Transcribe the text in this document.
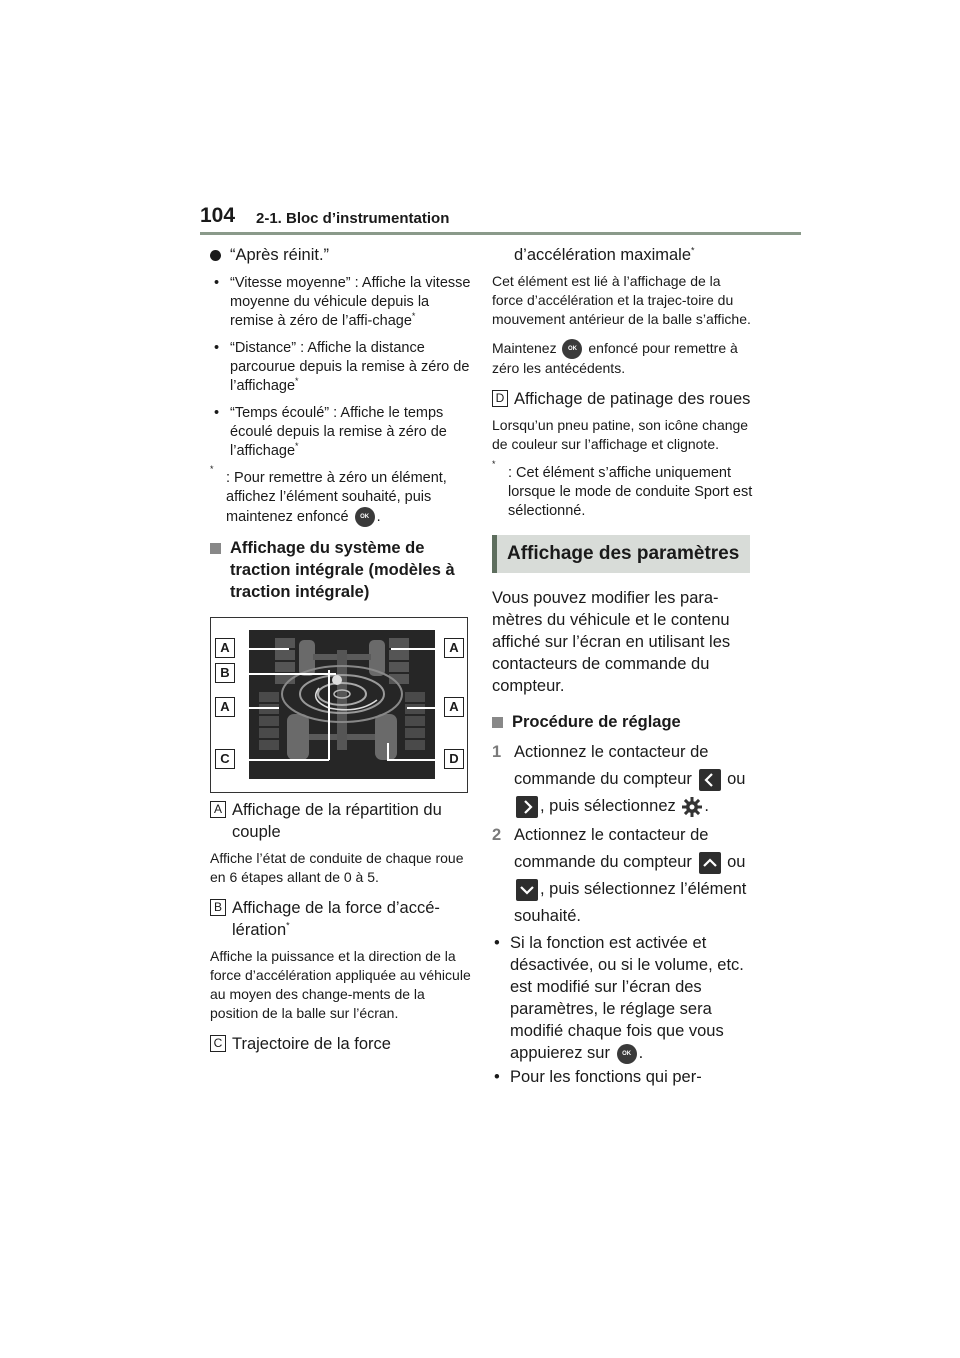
104 2-1. Bloc d’instrumentation
“Après réinit.”
• “Vitesse moyenne” : Affiche la vitesse moyenne du véhicule depuis la remise à zéro de l’affi-chage*
• “Distance” : Affiche la distance parcourue depuis la remise à zéro de l’affichage*
• “Temps écoulé” : Affiche le temps écoulé depuis la remise à zéro de l’affichage*
*
: Pour remettre à zéro un élément, affichez l’élément souhaité, puis maintenez enfoncé OK .
Affichage du système de traction intégrale (modèles à traction intégrale)
A	A
B
A	A
C	D
A Affichage de la répartition du couple
Affiche l’état de conduite de chaque roue en 6 étapes allant de 0 à 5.
B Affichage de la force d’accé-lération*
Affiche la puissance et la direction de la force d’accélération appliquée au véhicule au moyen des change-ments de la position de la balle sur l’écran.
C Trajectoire de la force
d’accélération maximale*
Cet élément est lié à l’affichage de la force d’accélération et la trajec-toire du mouvement antérieur de la balle s’affiche.
Maintenez OK enfoncé pour remettre à zéro les antécédents.
D Affichage de patinage des roues
Lorsqu’un pneu patine, son icône change de couleur sur l’affichage et clignote.
*
: Cet élément s’affiche uniquement lorsque le mode de conduite Sport est sélectionné.
Affichage des paramètres
Vous pouvez modifier les para-mètres du véhicule et le contenu affiché sur l’écran en utilisant les contacteurs de commande du compteur.
Procédure de réglage
1 Actionnez le contacteur de commande du compteur ou
, puis sélectionnez .
2 Actionnez le contacteur de commande du compteur ou
, puis sélectionnez l’élément souhaité.
• Si la fonction est activée et désactivée, ou si le volume, etc. est modifié sur l’écran des paramètres, le réglage sera modifié chaque fois que vous appuierez sur OK .
• Pour les fonctions qui per-
